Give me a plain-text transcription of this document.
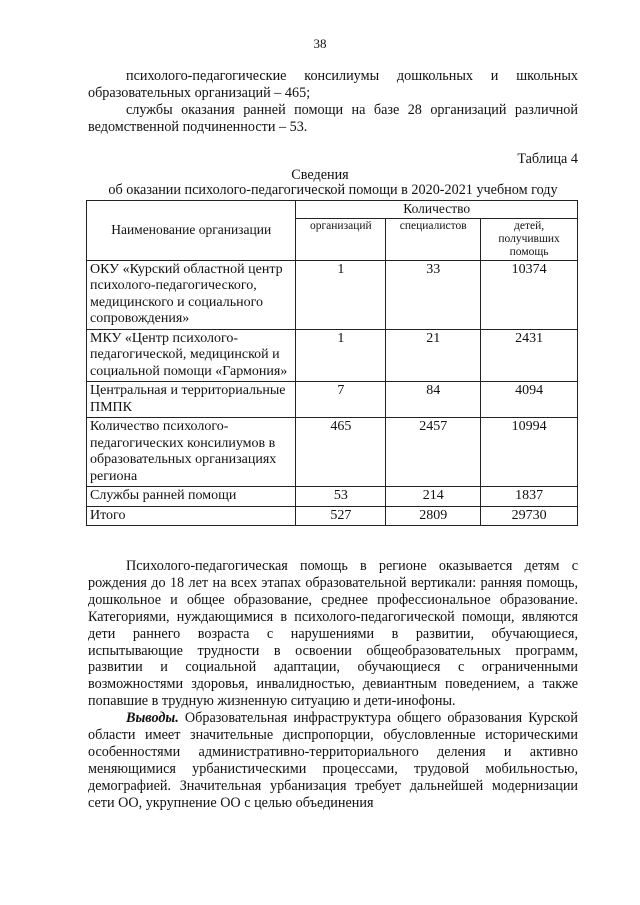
38

психолого-педагогические консилиумы дошкольных и школьных образовательных организаций – 465;

службы оказания ранней помощи на базе 28 организаций различной ведомственной подчиненности – 53.

Таблица 4
Сведения
об оказании психолого-педагогической помощи в 2020-2021 учебном году
Наименование организации	Количество		
	организаций	специалистов	детей, получивших помощь
ОКУ «Курский областной центр психолого-педагогического, медицинского и социального сопровождения»	1	33	10374
МКУ «Центр психолого-педагогической, медицинской и социальной помощи «Гармония»	1	21	2431
Центральная и территориальные ПМПК	7	84	4094
Количество психолого-педагогических консилиумов в образовательных организациях региона	465	2457	10994
Службы ранней помощи	53	214	1837
Итого	527	2809	29730

Психолого-педагогическая помощь в регионе оказывается детям с рождения до 18 лет на всех этапах образовательной вертикали: ранняя помощь, дошкольное и общее образование, среднее профессиональное образование. Категориями, нуждающимися в психолого-педагогической помощи, являются дети раннего возраста с нарушениями в развитии, обучающиеся, испытывающие трудности в освоении общеобразовательных программ, развитии и социальной адаптации, обучающиеся с ограниченными возможностями здоровья, инвалидностью, девиантным поведением, а также попавшие в трудную жизненную ситуацию и дети-инофоны.

Выводы. Образовательная инфраструктура общего образования Курской области имеет значительные диспропорции, обусловленные историческими особенностями административно-территориального деления и активно меняющимися урбанистическими процессами, трудовой мобильностью, демографией. Значительная урбанизация требует дальнейшей модернизации сети ОО, укрупнение ОО с целью объединения
